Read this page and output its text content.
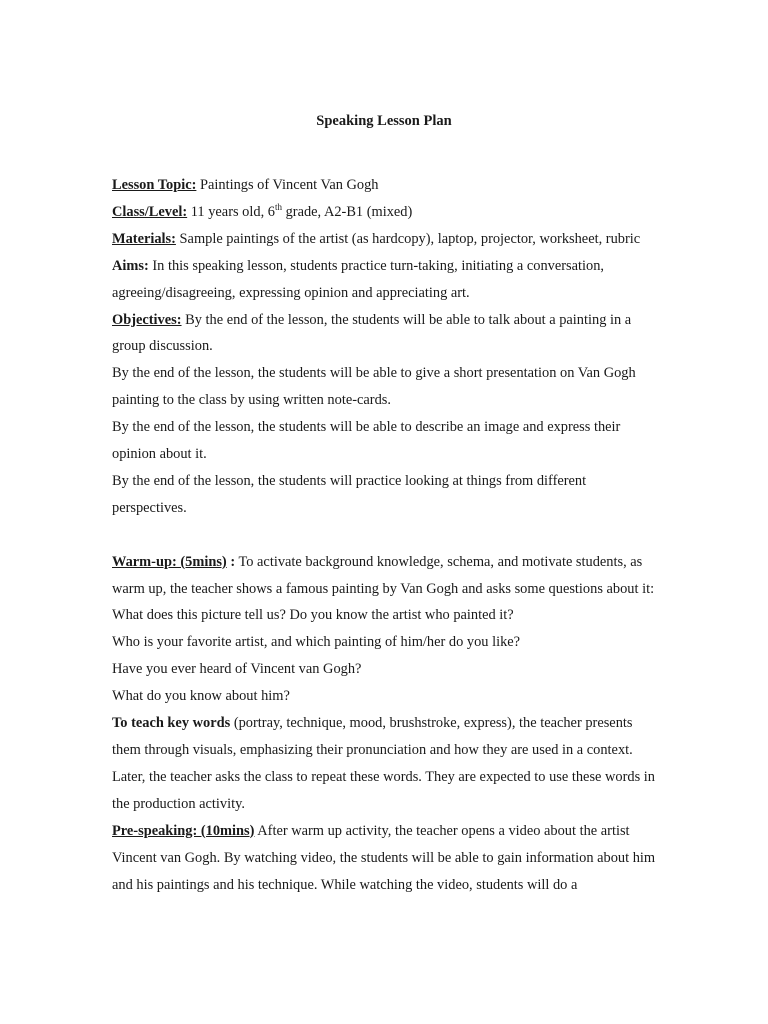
Speaking Lesson Plan

Lesson Topic: Paintings of Vincent Van Gogh

Class/Level: 11 years old, 6th grade, A2-B1 (mixed)

Materials: Sample paintings of the artist (as hardcopy), laptop, projector, worksheet, rubric

Aims: In this speaking lesson, students practice turn-taking, initiating a conversation, agreeing/disagreeing, expressing opinion and appreciating art.

Objectives: By the end of the lesson, the students will be able to talk about a painting in a group discussion.

By the end of the lesson, the students will be able to give a short presentation on Van Gogh painting to the class by using written note-cards.

By the end of the lesson, the students will be able to describe an image and express their opinion about it.

By the end of the lesson, the students will practice looking at things from different perspectives.

Warm-up: (5mins) : To activate background knowledge, schema, and motivate students, as warm up, the teacher shows a famous painting by Van Gogh and asks some questions about it: What does this picture tell us? Do you know the artist who painted it?

Who is your favorite artist, and which painting of him/her do you like?

Have you ever heard of Vincent van Gogh?

What do you know about him?

To teach key words (portray, technique, mood, brushstroke, express), the teacher presents them through visuals, emphasizing their pronunciation and how they are used in a context. Later, the teacher asks the class to repeat these words. They are expected to use these words in the production activity.

Pre-speaking: (10mins) After warm up activity, the teacher opens a video about the artist Vincent van Gogh. By watching video, the students will be able to gain information about him and his paintings and his technique. While watching the video, students will do a
